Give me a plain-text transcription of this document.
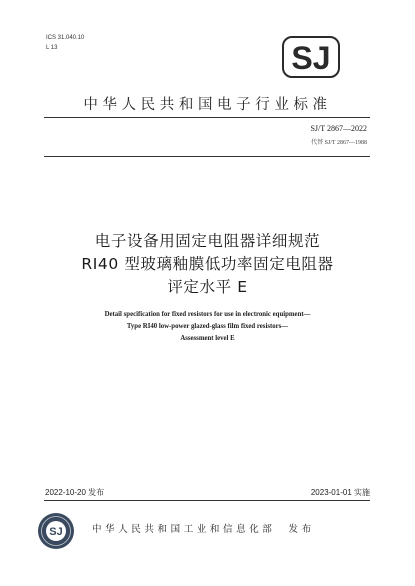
ICS 31.040.10
L 13	SJ
中华人民共和国电子行业标准
SJ/T 2867—2022
代替 SJ/T 2867—1988
电子设备用固定电阻器详细规范
RI40 型玻璃釉膜低功率固定电阻器
评定水平 E
Detail specification for fixed resistors for use in electronic equipment—
Type RI40 low-power glazed-glass film fixed resistors—
Assessment level E
2022-10-20 发布	2023-01-01 实施
SJ	中华人民共和国工业和信息化部　发布
